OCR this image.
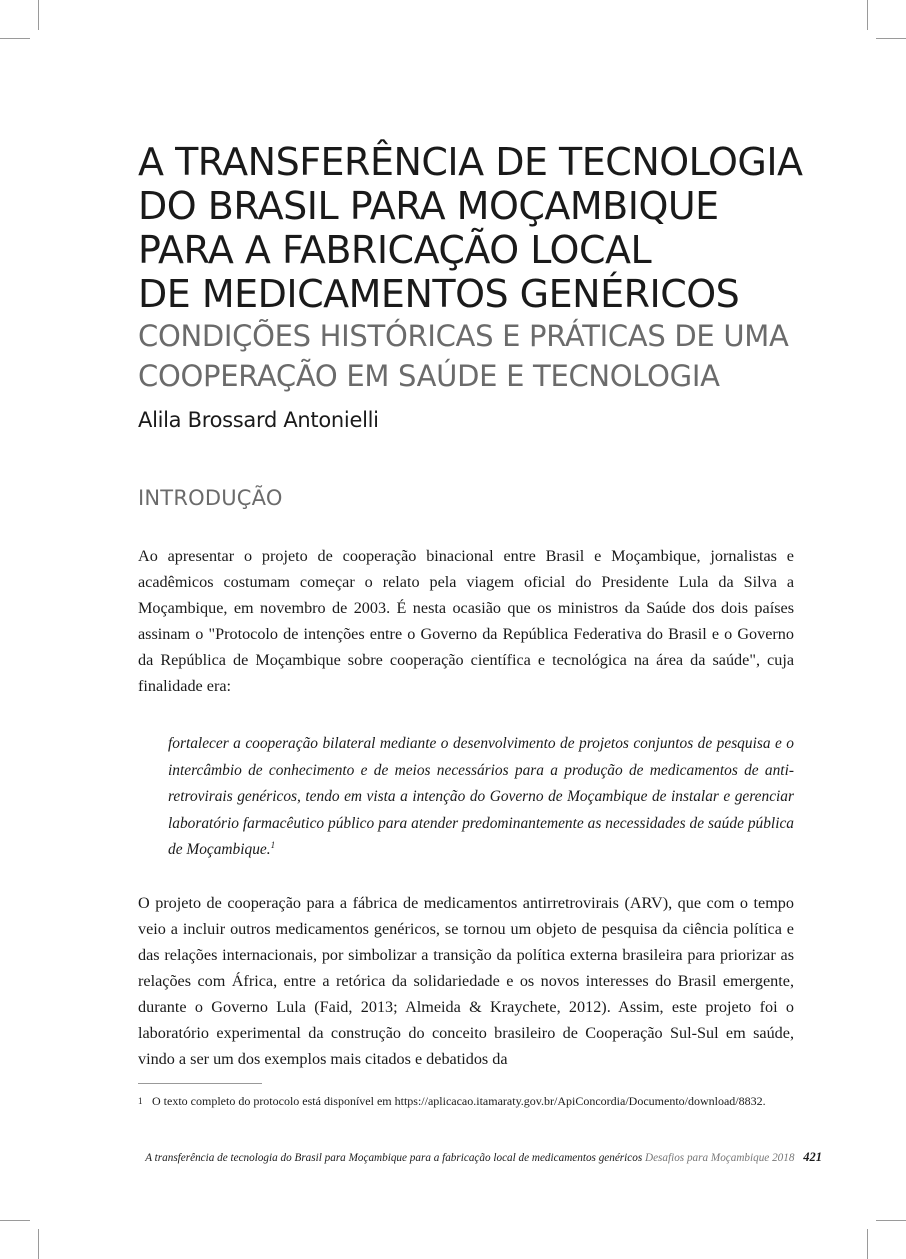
A TRANSFERÊNCIA DE TECNOLOGIA
DO BRASIL PARA MOÇAMBIQUE
PARA A FABRICAÇÃO LOCAL
DE MEDICAMENTOS GENÉRICOS
CONDIÇÕES HISTÓRICAS E PRÁTICAS DE UMA
COOPERAÇÃO EM SAÚDE E TECNOLOGIA
Alila Brossard Antonielli
INTRODUÇÃO

Ao apresentar o projeto de cooperação binacional entre Brasil e Moçambique, jornalistas e acadêmicos costumam começar o relato pela viagem oficial do Presidente Lula da Silva a Moçambique, em novembro de 2003. É nesta ocasião que os ministros da Saúde dos dois países assinam o "Protocolo de intenções entre o Governo da República Federativa do Brasil e o Governo da República de Moçambique sobre cooperação científica e tecnológica na área da saúde", cuja finalidade era:

fortalecer a cooperação bilateral mediante o desenvolvimento de projetos conjuntos de pesquisa e o intercâmbio de conhecimento e de meios necessários para a produção de medicamentos de anti-retrovirais genéricos, tendo em vista a intenção do Governo de Moçambique de instalar e gerenciar laboratório farmacêutico público para atender predominantemente as necessidades de saúde pública de Moçambique.$^1$

O projeto de cooperação para a fábrica de medicamentos antirretrovirais (ARV), que com o tempo veio a incluir outros medicamentos genéricos, se tornou um objeto de pesquisa da ciência política e das relações internacionais, por simbolizar a transição da política externa brasileira para priorizar as relações com África, entre a retórica da solidariedade e os novos interesses do Brasil emergente, durante o Governo Lula (Faid, 2013; Almeida & Kraychete, 2012). Assim, este projeto foi o laboratório experimental da construção do conceito brasileiro de Cooperação Sul-Sul em saúde, vindo a ser um dos exemplos mais citados e debatidos da

1 O texto completo do protocolo está disponível em https://aplicacao.itamaraty.gov.br/ApiConcordia/Documento/download/8832.
A transferência de tecnologia do Brasil para Moçambique para a fabricação local de medicamentos genéricos Desafios para Moçambique 2018 421
